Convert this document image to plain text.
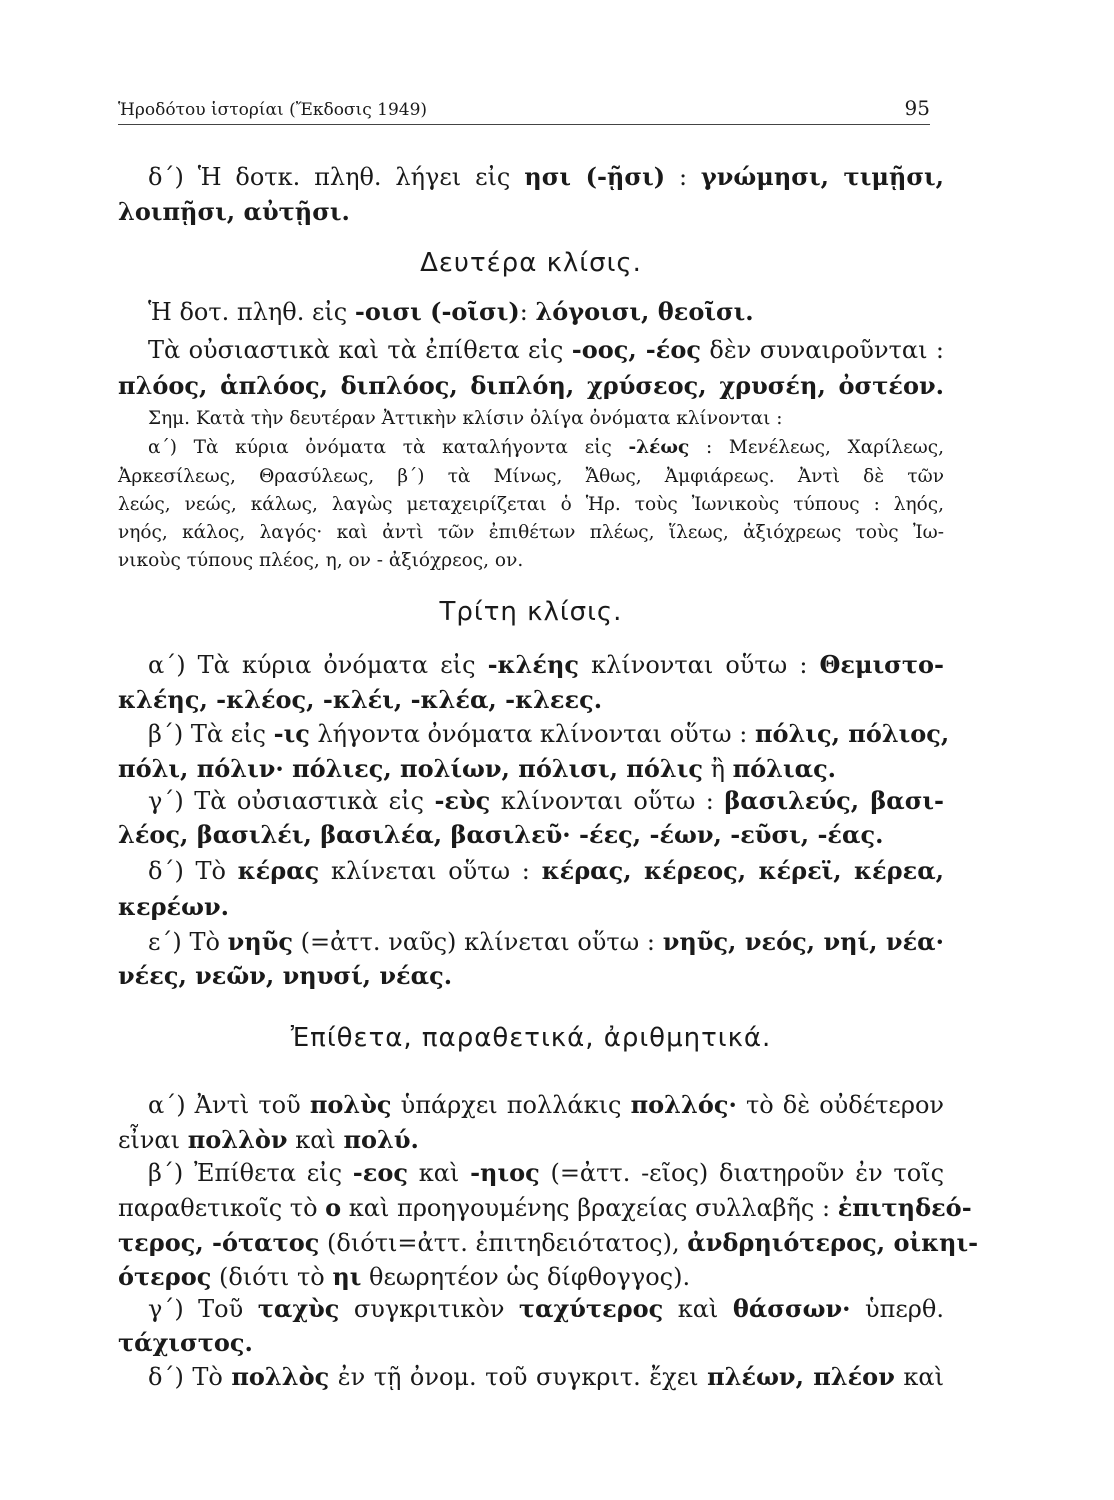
Ἡροδότου ἱστορίαι (Ἔκδοσις 1949)	95
δ΄) Ἡ δοτκ. πληθ. λήγει εἰς ησι (-ῇσι) : γνώμησι, τιμῇσι,
λοιπῇσι, αὐτῇσι.
Δευτέρα κλίσις.
Ἡ δοτ. πληθ. εἰς -οισι (-οῖσι): λόγοισι, θεοῖσι.
Τὰ οὐσιαστικὰ καὶ τὰ ἐπίθετα εἰς -οος, -έος δὲν συναιροῦνται :
πλόος, ἁπλόος, διπλόος, διπλόη, χρύσεος, χρυσέη, ὀστέον.
Σημ. Κατὰ τὴν δευτέραν Ἀττικὴν κλίσιν ὀλίγα ὀνόματα κλίνονται :
α΄) Τὰ κύρια ὀνόματα τὰ καταλήγοντα εἰς -λέως : Μενέλεως, Χαρίλεως,
Ἀρκεσίλεως, Θρασύλεως, β΄) τὰ Μίνως, Ἄθως, Ἀμφιάρεως. Ἀντὶ δὲ τῶν
λεώς, νεώς, κάλως, λαγὼς μεταχειρίζεται ὁ Ἡρ. τοὺς Ἰωνικοὺς τύπους : ληός,
νηός, κάλος, λαγός· καὶ ἀντὶ τῶν ἐπιθέτων πλέως, ἵλεως, ἀξιόχρεως τοὺς Ἰω-
νικοὺς τύπους πλέος, η, ον - ἀξιόχρεος, ον.
Τρίτη κλίσις.
α΄) Τὰ κύρια ὀνόματα εἰς -κλέης κλίνονται οὕτω : Θεμιστο-
κλέης, -κλέος, -κλέι, -κλέα, -κλεες.
β΄) Τὰ εἰς -ις λήγοντα ὀνόματα κλίνονται οὕτω : πόλις, πόλιος,
πόλι, πόλιν· πόλιες, πολίων, πόλισι, πόλις ἢ πόλιας.
γ΄) Τὰ οὐσιαστικὰ εἰς -εὺς κλίνονται οὕτω : βασιλεύς, βασι-
λέος, βασιλέι, βασιλέα, βασιλεῦ· -έες, -έων, -εῦσι, -έας.
δ΄) Τὸ κέρας κλίνεται οὕτω : κέρας, κέρεος, κέρεϊ, κέρεα,
κερέων.
ε΄) Τὸ νηῦς (=ἀττ. ναῦς) κλίνεται οὕτω : νηῦς, νεός, νηί, νέα·
νέες, νεῶν, νηυσί, νέας.
Ἐπίθετα, παραθετικά, ἀριθμητικά.
α΄) Ἀντὶ τοῦ πολὺς ὑπάρχει πολλάκις πολλός· τὸ δὲ οὐδέτερον
εἶναι πολλὸν καὶ πολύ.
β΄) Ἐπίθετα εἰς -εος καὶ -ηιος (=ἀττ. -εῖος) διατηροῦν ἐν τοῖς
παραθετικοῖς τὸ ο καὶ προηγουμένης βραχείας συλλαβῆς : ἐπιτηδεό-
τερος, -ότατος (διότι=ἀττ. ἐπιτηδειότατος), ἀνδρηιότερος, οἰκηι-
ότερος (διότι τὸ ηι θεωρητέον ὡς δίφθογγος).
γ΄) Τοῦ ταχὺς συγκριτικὸν ταχύτερος καὶ θάσσων· ὑπερθ.
τάχιστος.
δ΄) Τὸ πολλὸς ἐν τῇ ὀνομ. τοῦ συγκριτ. ἔχει πλέων, πλέον καὶ
